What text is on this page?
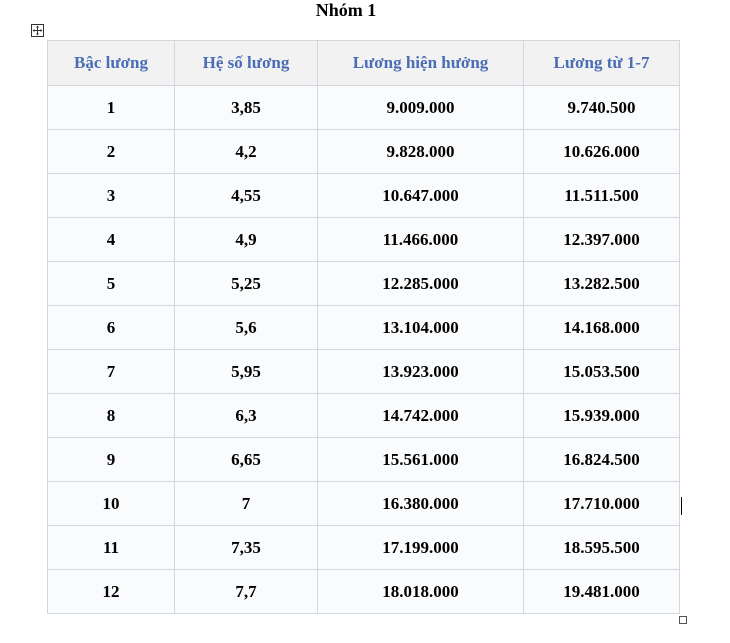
Nhóm 1
Bậc lương	Hệ số lương	Lương hiện hưởng	Lương từ 1-7
1	3,85	9.009.000	9.740.500
2	4,2	9.828.000	10.626.000
3	4,55	10.647.000	11.511.500
4	4,9	11.466.000	12.397.000
5	5,25	12.285.000	13.282.500
6	5,6	13.104.000	14.168.000
7	5,95	13.923.000	15.053.500
8	6,3	14.742.000	15.939.000
9	6,65	15.561.000	16.824.500
10	7	16.380.000	17.710.000
11	7,35	17.199.000	18.595.500
12	7,7	18.018.000	19.481.000
